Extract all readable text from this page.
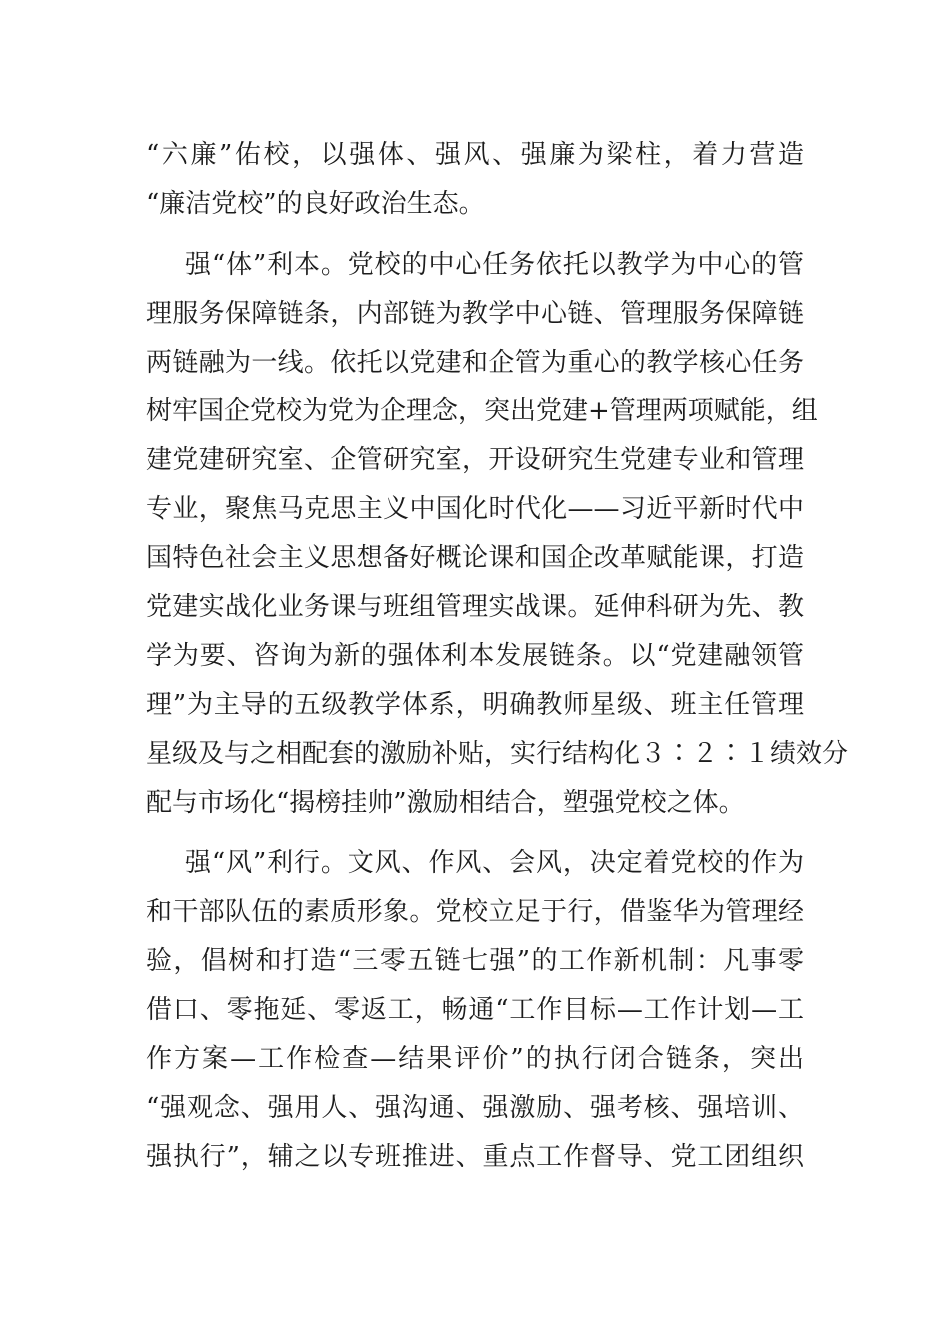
“六廉”佑校，以强体、强风、强廉为梁柱，着力营造
“廉洁党校”的良好政治生态。
强“体”利本。党校的中心任务依托以教学为中心的管
理服务保障链条，内部链为教学中心链、管理服务保障链
两链融为一线。依托以党建和企管为重心的教学核心任务
树牢国企党校为党为企理念，突出党建+管理两项赋能，组
建党建研究室、企管研究室，开设研究生党建专业和管理
专业，聚焦马克思主义中国化时代化——习近平新时代中
国特色社会主义思想备好概论课和国企改革赋能课，打造
党建实战化业务课与班组管理实战课。延伸科研为先、教
学为要、咨询为新的强体利本发展链条。以“党建融领管
理”为主导的五级教学体系，明确教师星级、班主任管理
星级及与之相配套的激励补贴，实行结构化３∶２∶１绩效分
配与市场化“揭榜挂帅”激励相结合，塑强党校之体。
强“风”利行。文风、作风、会风，决定着党校的作为
和干部队伍的素质形象。党校立足于行，借鉴华为管理经
验，倡树和打造“三零五链七强”的工作新机制：凡事零
借口、零拖延、零返工，畅通“工作目标—工作计划—工
作方案—工作检查—结果评价”的执行闭合链条，突出
“强观念、强用人、强沟通、强激励、强考核、强培训、
强执行”，辅之以专班推进、重点工作督导、党工团组织
